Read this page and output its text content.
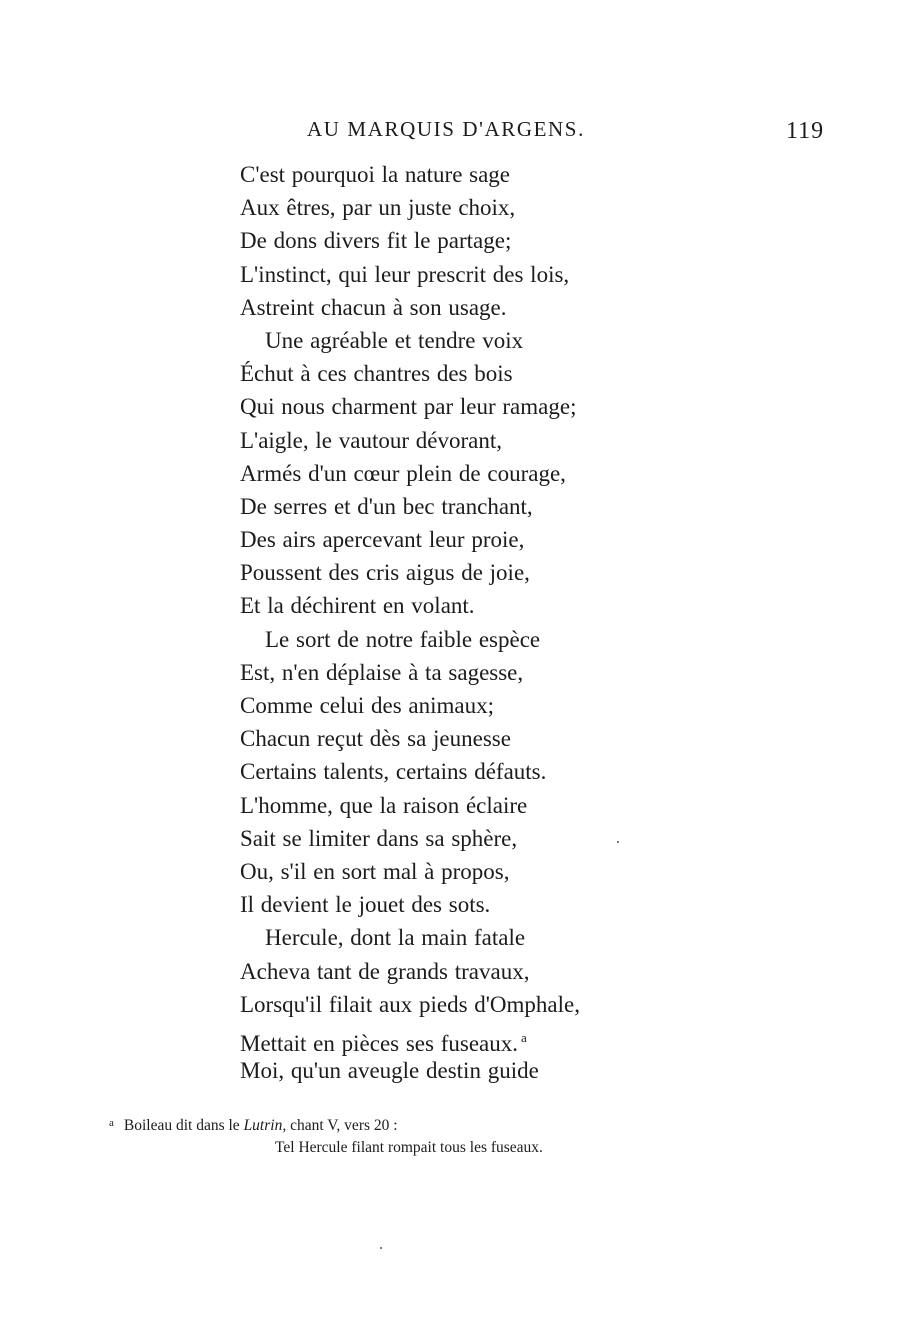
AU MARQUIS D'ARGENS.	119
C'est pourquoi la nature sage
Aux êtres, par un juste choix,
De dons divers fit le partage;
L'instinct, qui leur prescrit des lois,
Astreint chacun à son usage.
Une agréable et tendre voix
Échut à ces chantres des bois
Qui nous charment par leur ramage;
L'aigle, le vautour dévorant,
Armés d'un cœur plein de courage,
De serres et d'un bec tranchant,
Des airs apercevant leur proie,
Poussent des cris aigus de joie,
Et la déchirent en volant.
Le sort de notre faible espèce
Est, n'en déplaise à ta sagesse,
Comme celui des animaux;
Chacun reçut dès sa jeunesse
Certains talents, certains défauts.
L'homme, que la raison éclaire
Sait se limiter dans sa sphère,
Ou, s'il en sort mal à propos,
Il devient le jouet des sots.
Hercule, dont la main fatale
Acheva tant de grands travaux,
Lorsqu'il filait aux pieds d'Omphale,
Mettait en pièces ses fuseaux. $^a$
Moi, qu'un aveugle destin guide
$^a$ Boileau dit dans le Lutrin, chant V, vers 20 :
Tel Hercule filant rompait tous les fuseaux.
